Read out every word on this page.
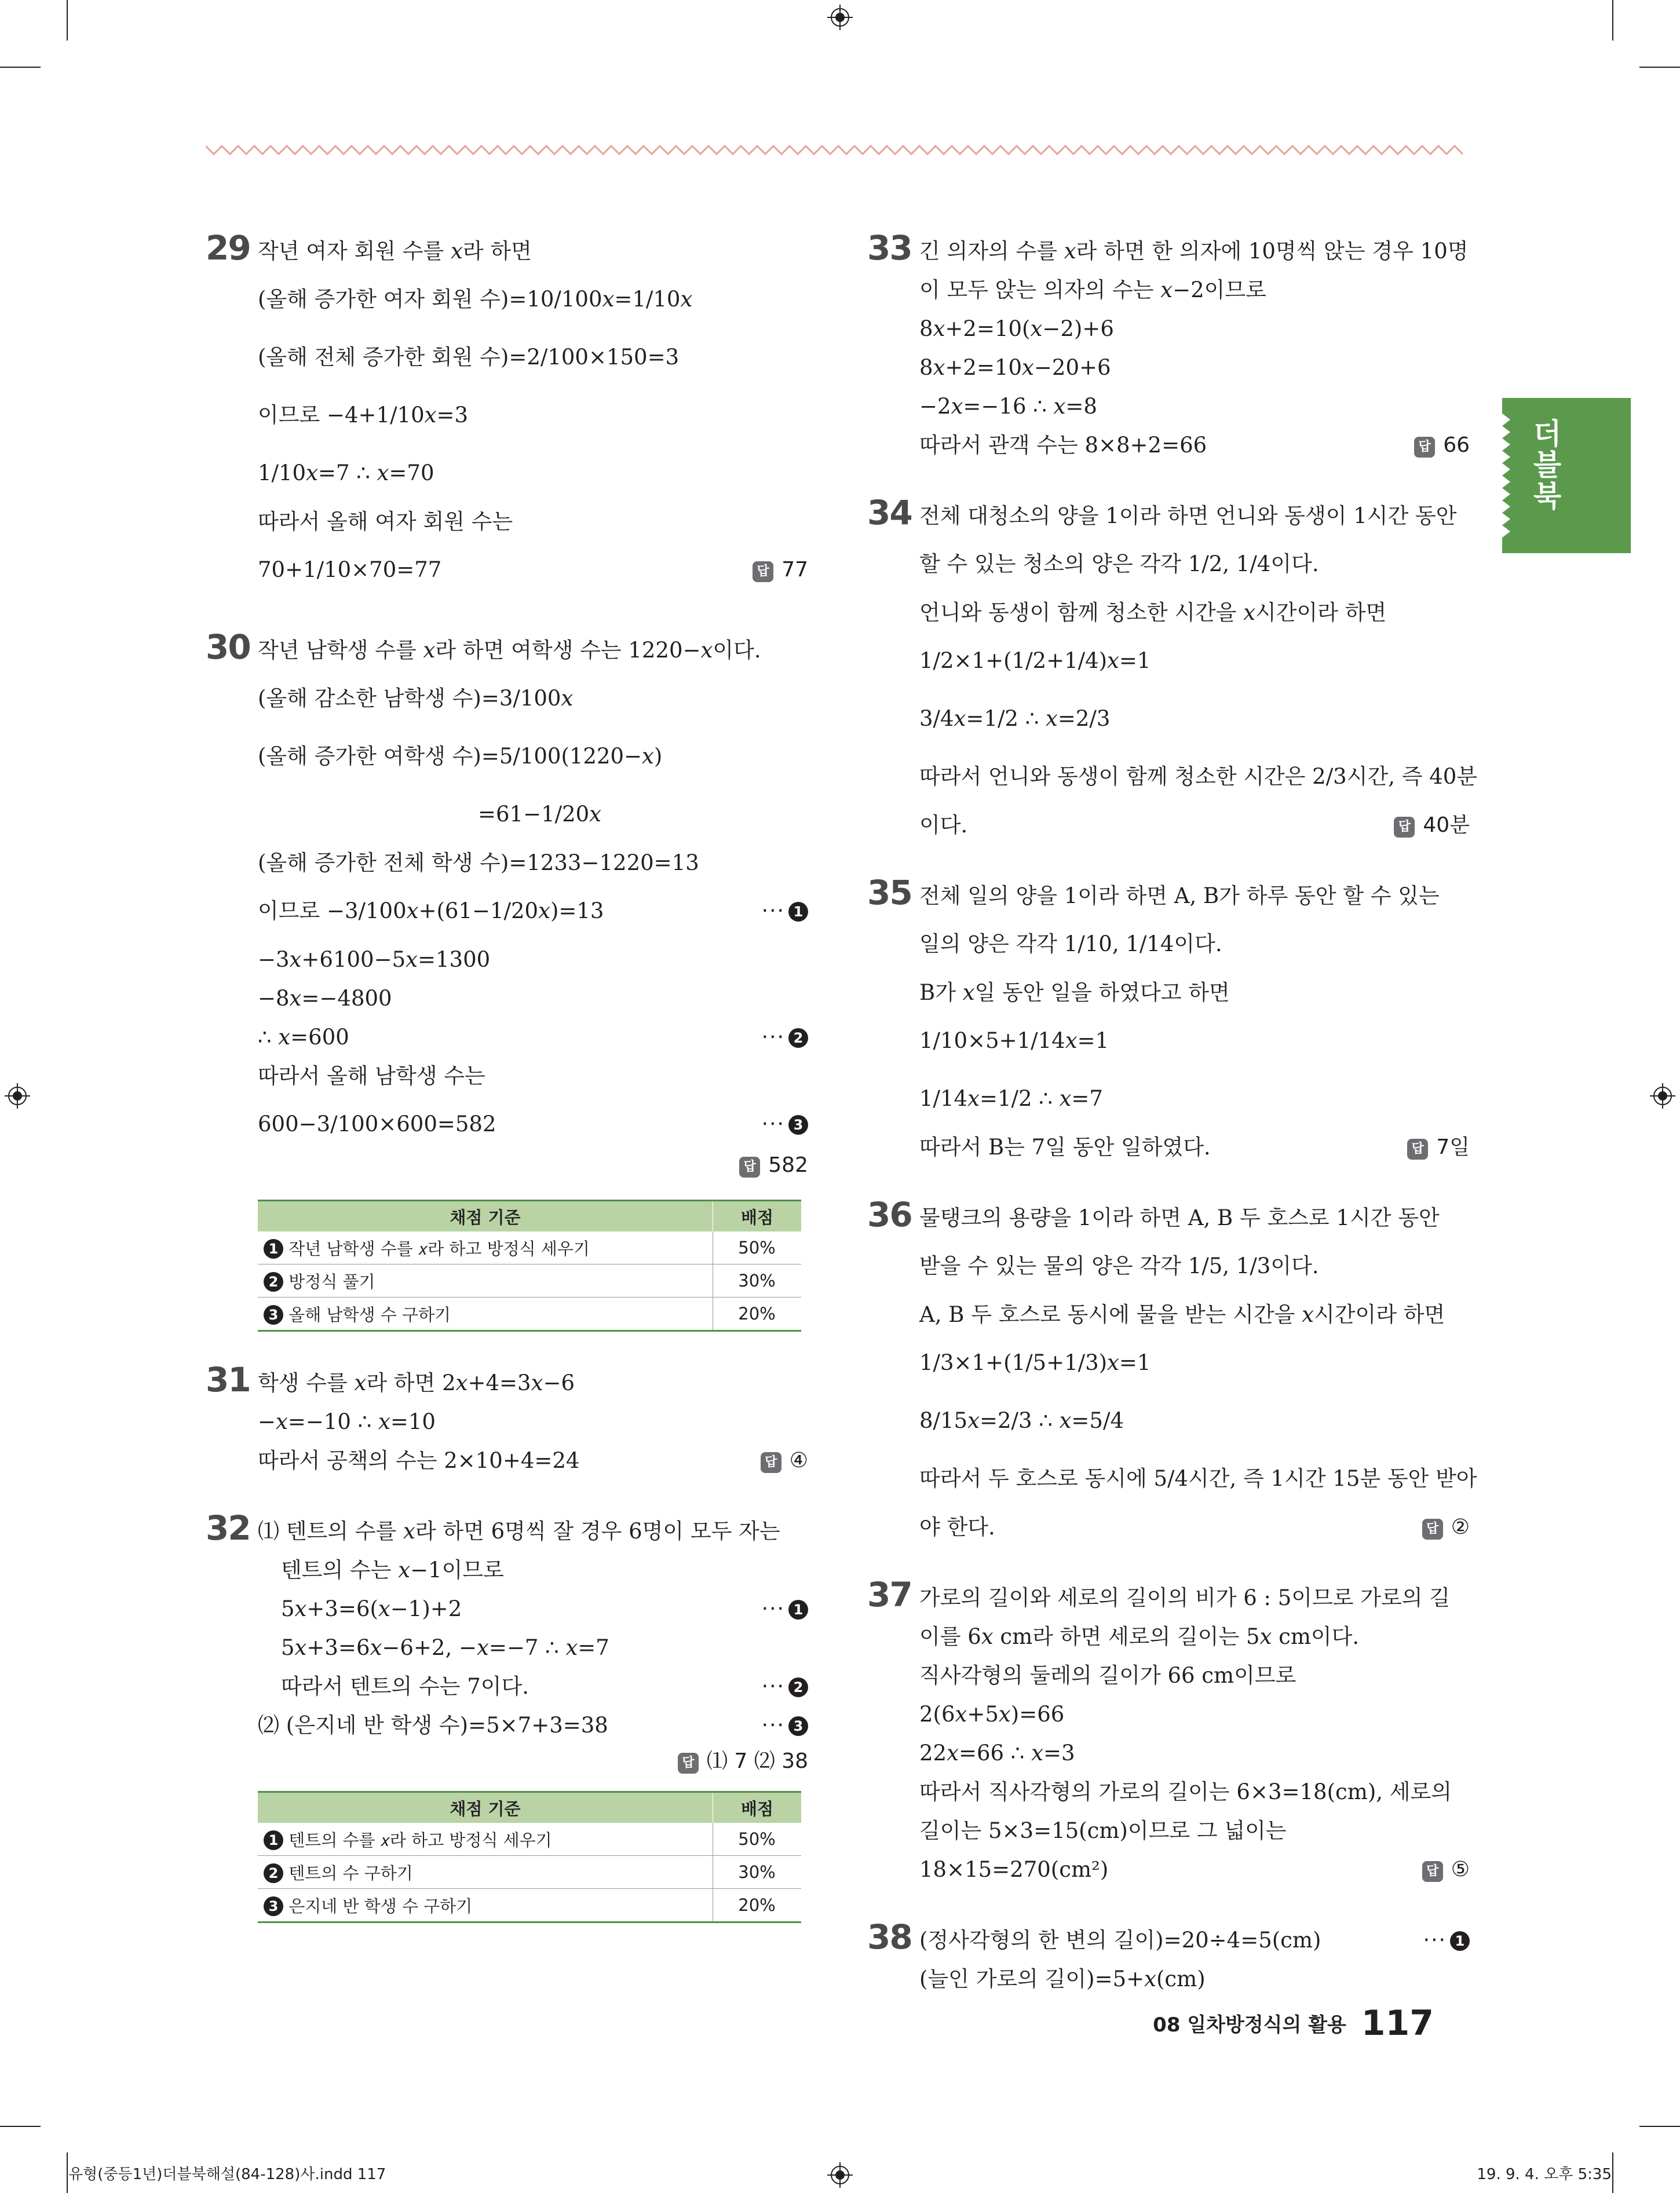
더블북
29 작년 여자 회원 수를 𝑥라 하면
(올해 증가한 여자 회원 수)=10/100𝑥=1/10𝑥
(올해 전체 증가한 회원 수)=2/100×150=3
이므로 −4+1/10𝑥=3
1/10𝑥=7 ∴ 𝑥=70
따라서 올해 여자 회원 수는
70+1/10×70=77	답 77
30 작년 남학생 수를 𝑥라 하면 여학생 수는 1220−𝑥이다.
(올해 감소한 남학생 수)=3/100𝑥
(올해 증가한 여학생 수)=5/100(1220−𝑥)
=61−1/20𝑥
(올해 증가한 전체 학생 수)=1233−1220=13
이므로 −3/100𝑥+(61−1/20𝑥)=13	··· 1
−3𝑥+6100−5𝑥=1300
−8𝑥=−4800
∴ 𝑥=600	··· 2
따라서 올해 남학생 수는
600−3/100×600=582	··· 3
답 582
채점 기준	배점
1 작년 남학생 수를 𝑥라 하고 방정식 세우기	50%
2 방정식 풀기	30%
3 올해 남학생 수 구하기	20%
31 학생 수를 𝑥라 하면 2𝑥+4=3𝑥−6
−𝑥=−10 ∴ 𝑥=10
따라서 공책의 수는 2×10+4=24	답 ④
32 ⑴ 텐트의 수를 𝑥라 하면 6명씩 잘 경우 6명이 모두 자는
텐트의 수는 𝑥−1이므로
5𝑥+3=6(𝑥−1)+2	··· 1
5𝑥+3=6𝑥−6+2, −𝑥=−7 ∴ 𝑥=7
따라서 텐트의 수는 7이다.	··· 2
⑵ (은지네 반 학생 수)=5×7+3=38	··· 3
답 ⑴ 7 ⑵ 38
채점 기준	배점
1 텐트의 수를 𝑥라 하고 방정식 세우기	50%
2 텐트의 수 구하기	30%
3 은지네 반 학생 수 구하기	20%
33 긴 의자의 수를 𝑥라 하면 한 의자에 10명씩 앉는 경우 10명
이 모두 앉는 의자의 수는 𝑥−2이므로
8𝑥+2=10(𝑥−2)+6
8𝑥+2=10𝑥−20+6
−2𝑥=−16 ∴ 𝑥=8
따라서 관객 수는 8×8+2=66	답 66
34 전체 대청소의 양을 1이라 하면 언니와 동생이 1시간 동안
할 수 있는 청소의 양은 각각 1/2, 1/4이다.
언니와 동생이 함께 청소한 시간을 𝑥시간이라 하면
1/2×1+(1/2+1/4)𝑥=1
3/4𝑥=1/2 ∴ 𝑥=2/3
따라서 언니와 동생이 함께 청소한 시간은 2/3시간, 즉 40분
이다.	답 40분
35 전체 일의 양을 1이라 하면 A, B가 하루 동안 할 수 있는
일의 양은 각각 1/10, 1/14이다.
B가 𝑥일 동안 일을 하였다고 하면
1/10×5+1/14𝑥=1
1/14𝑥=1/2 ∴ 𝑥=7
따라서 B는 7일 동안 일하였다.	답 7일
36 물탱크의 용량을 1이라 하면 A, B 두 호스로 1시간 동안
받을 수 있는 물의 양은 각각 1/5, 1/3이다.
A, B 두 호스로 동시에 물을 받는 시간을 𝑥시간이라 하면
1/3×1+(1/5+1/3)𝑥=1
8/15𝑥=2/3 ∴ 𝑥=5/4
따라서 두 호스로 동시에 5/4시간, 즉 1시간 15분 동안 받아
야 한다.	답 ②
37 가로의 길이와 세로의 길이의 비가 6 : 5이므로 가로의 길
이를 6𝑥 cm라 하면 세로의 길이는 5𝑥 cm이다.
직사각형의 둘레의 길이가 66 cm이므로
2(6𝑥+5𝑥)=66
22𝑥=66 ∴ 𝑥=3
따라서 직사각형의 가로의 길이는 6×3=18(cm), 세로의
길이는 5×3=15(cm)이므로 그 넓이는
18×15=270(cm²)	답 ⑤
38 (정사각형의 한 변의 길이)=20÷4=5(cm)	··· 1
(늘인 가로의 길이)=5+𝑥(cm)
08 일차방정식의 활용 117
유형(중등1년)더블북해설(84-128)사.indd 117	19. 9. 4. 오후 5:35
